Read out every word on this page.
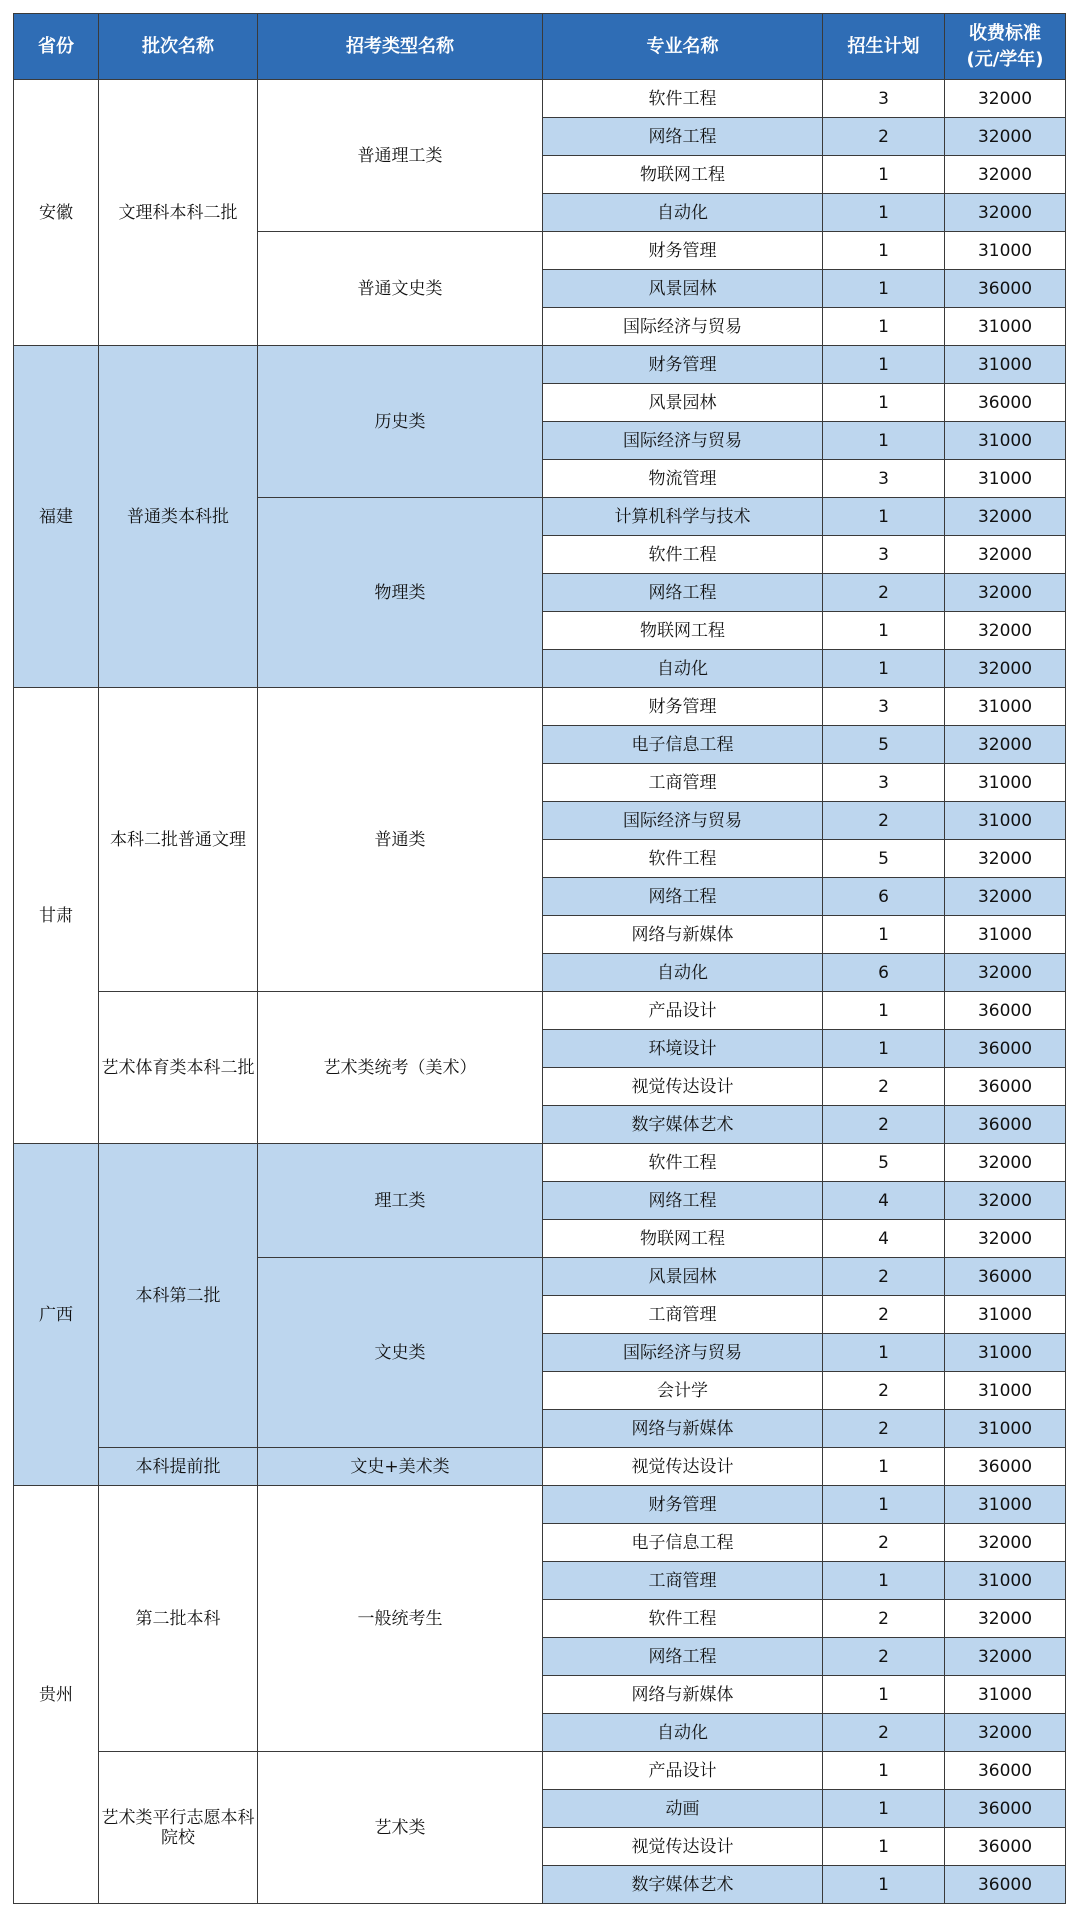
省份	批次名称	招考类型名称	专业名称	招生计划	收费标准
(元/学年)

安徽	文理科本科二批	普通理工类	软件工程	3	32000
			网络工程	2	32000
			物联网工程	1	32000
			自动化	1	32000
		普通文史类	财务管理	1	31000
			风景园林	1	36000
			国际经济与贸易	1	31000
福建	普通类本科批	历史类	财务管理	1	31000
			风景园林	1	36000
			国际经济与贸易	1	31000
			物流管理	3	31000
		物理类	计算机科学与技术	1	32000
			软件工程	3	32000
			网络工程	2	32000
			物联网工程	1	32000
			自动化	1	32000
甘肃	本科二批普通文理	普通类	财务管理	3	31000
			电子信息工程	5	32000
			工商管理	3	31000
			国际经济与贸易	2	31000
			软件工程	5	32000
			网络工程	6	32000
			网络与新媒体	1	31000
			自动化	6	32000
	艺术体育类本科二批	艺术类统考（美术）	产品设计	1	36000
			环境设计	1	36000
			视觉传达设计	2	36000
			数字媒体艺术	2	36000
广西	本科第二批	理工类	软件工程	5	32000
			网络工程	4	32000
			物联网工程	4	32000
		文史类	风景园林	2	36000
			工商管理	2	31000
			国际经济与贸易	1	31000
			会计学	2	31000
			网络与新媒体	2	31000
	本科提前批	文史+美术类	视觉传达设计	1	36000
贵州	第二批本科	一般统考生	财务管理	1	31000
			电子信息工程	2	32000
			工商管理	1	31000
			软件工程	2	32000
			网络工程	2	32000
			网络与新媒体	1	31000
			自动化	2	32000
	艺术类平行志愿本科院校	艺术类	产品设计	1	36000
			动画	1	36000
			视觉传达设计	1	36000
			数字媒体艺术	1	36000
